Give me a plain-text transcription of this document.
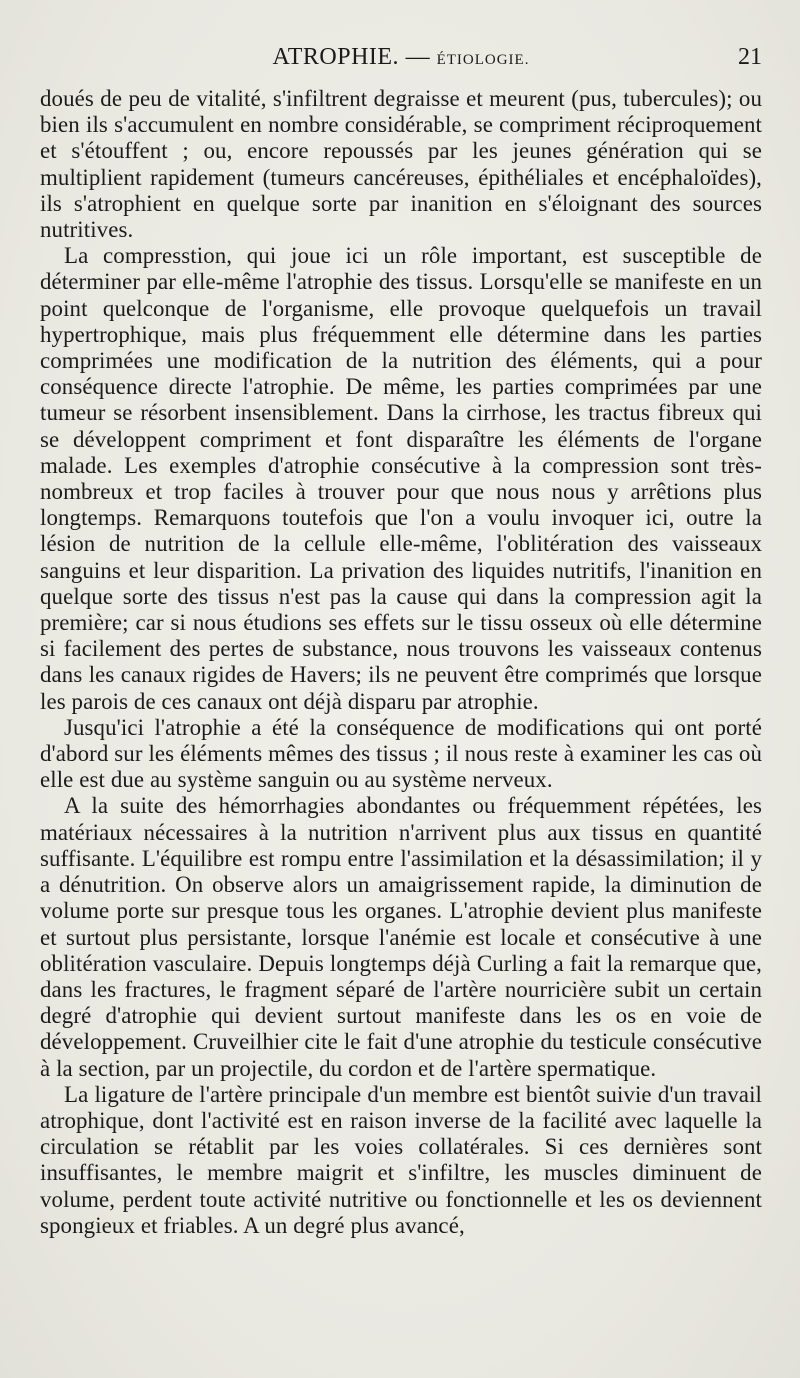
ATROPHIE. — ÉTIOLOGIE.	21

doués de peu de vitalité, s'infiltrent degraisse et meurent (pus, tubercules); ou bien ils s'accumulent en nombre considérable, se compriment réciproquement et s'étouffent ; ou, encore repoussés par les jeunes génération qui se multiplient rapidement (tumeurs cancéreuses, épithéliales et encéphaloïdes), ils s'atrophient en quelque sorte par inanition en s'éloignant des sources nutritives.

La compresstion, qui joue ici un rôle important, est susceptible de déterminer par elle-même l'atrophie des tissus. Lorsqu'elle se manifeste en un point quelconque de l'organisme, elle provoque quelquefois un travail hypertrophique, mais plus fréquemment elle détermine dans les parties comprimées une modification de la nutrition des éléments, qui a pour conséquence directe l'atrophie. De même, les parties comprimées par une tumeur se résorbent insensiblement. Dans la cirrhose, les tractus fibreux qui se développent compriment et font disparaître les éléments de l'organe malade. Les exemples d'atrophie consécutive à la compression sont très-nombreux et trop faciles à trouver pour que nous nous y arrêtions plus longtemps. Remarquons toutefois que l'on a voulu invoquer ici, outre la lésion de nutrition de la cellule elle-même, l'oblitération des vaisseaux sanguins et leur disparition. La privation des liquides nutritifs, l'inanition en quelque sorte des tissus n'est pas la cause qui dans la compression agit la première; car si nous étudions ses effets sur le tissu osseux où elle détermine si facilement des pertes de substance, nous trouvons les vaisseaux contenus dans les canaux rigides de Havers; ils ne peuvent être comprimés que lorsque les parois de ces canaux ont déjà disparu par atrophie.

Jusqu'ici l'atrophie a été la conséquence de modifications qui ont porté d'abord sur les éléments mêmes des tissus ; il nous reste à examiner les cas où elle est due au système sanguin ou au système nerveux.

A la suite des hémorrhagies abondantes ou fréquemment répétées, les matériaux nécessaires à la nutrition n'arrivent plus aux tissus en quantité suffisante. L'équilibre est rompu entre l'assimilation et la désassimilation; il y a dénutrition. On observe alors un amaigrissement rapide, la diminution de volume porte sur presque tous les organes. L'atrophie devient plus manifeste et surtout plus persistante, lorsque l'anémie est locale et consécutive à une oblitération vasculaire. Depuis longtemps déjà Curling a fait la remarque que, dans les fractures, le fragment séparé de l'artère nourricière subit un certain degré d'atrophie qui devient surtout manifeste dans les os en voie de développement. Cruveilhier cite le fait d'une atrophie du testicule consécutive à la section, par un projectile, du cordon et de l'artère spermatique.

La ligature de l'artère principale d'un membre est bientôt suivie d'un travail atrophique, dont l'activité est en raison inverse de la facilité avec laquelle la circulation se rétablit par les voies collatérales. Si ces dernières sont insuffisantes, le membre maigrit et s'infiltre, les muscles diminuent de volume, perdent toute activité nutritive ou fonctionnelle et les os deviennent spongieux et friables. A un degré plus avancé,
